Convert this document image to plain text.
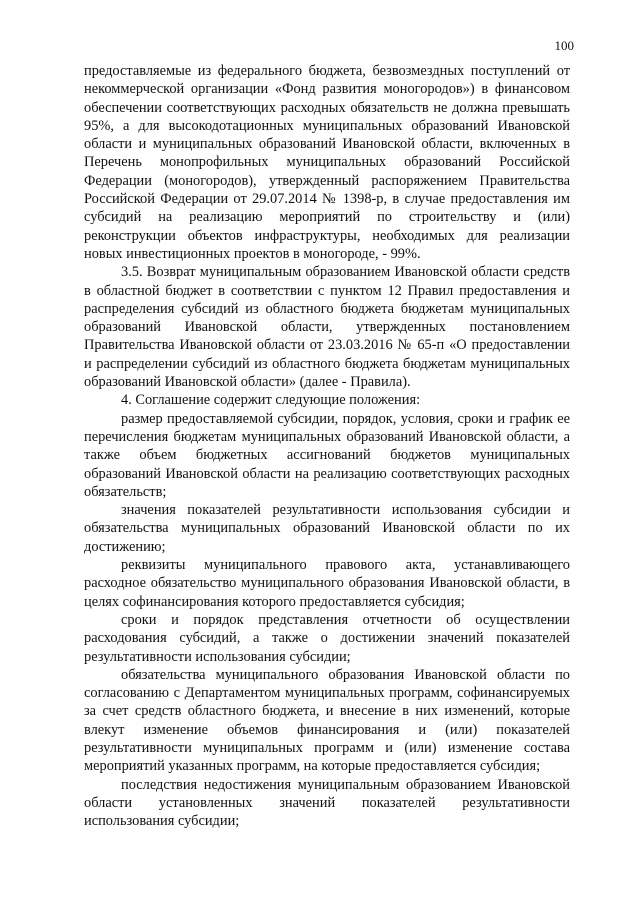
100

предоставляемые из федерального бюджета, безвозмездных поступлений от некоммерческой организации «Фонд развития моногородов») в финансовом обеспечении соответствующих расходных обязательств не должна превышать 95%, а для высокодотационных муниципальных образований Ивановской области и муниципальных образований Ивановской области, включенных в Перечень монопрофильных муниципальных образований Российской Федерации (моногородов), утвержденный распоряжением Правительства Российской Федерации от 29.07.2014 № 1398-р, в случае предоставления им субсидий на реализацию мероприятий по строительству и (или) реконструкции объектов инфраструктуры, необходимых для реализации новых инвестиционных проектов в моногороде, - 99%.

3.5. Возврат муниципальным образованием Ивановской области средств в областной бюджет в соответствии с пунктом 12 Правил предоставления и распределения субсидий из областного бюджета бюджетам муниципальных образований Ивановской области, утвержденных постановлением Правительства Ивановской области от 23.03.2016 № 65-п «О предоставлении и распределении субсидий из областного бюджета бюджетам муниципальных образований Ивановской области» (далее - Правила).

4. Соглашение содержит следующие положения:

размер предоставляемой субсидии, порядок, условия, сроки и график ее перечисления бюджетам муниципальных образований Ивановской области, а также объем бюджетных ассигнований бюджетов муниципальных образований Ивановской области на реализацию соответствующих расходных обязательств;

значения показателей результативности использования субсидии и обязательства муниципальных образований Ивановской области по их достижению;

реквизиты муниципального правового акта, устанавливающего расходное обязательство муниципального образования Ивановской области, в целях софинансирования которого предоставляется субсидия;

сроки и порядок представления отчетности об осуществлении расходования субсидий, а также о достижении значений показателей результативности использования субсидии;

обязательства муниципального образования Ивановской области по согласованию с Департаментом муниципальных программ, софинансируемых за счет средств областного бюджета, и внесение в них изменений, которые влекут изменение объемов финансирования и (или) показателей результативности муниципальных программ и (или) изменение состава мероприятий указанных программ, на которые предоставляется субсидия;

последствия недостижения муниципальным образованием Ивановской области установленных значений показателей результативности использования субсидии;
